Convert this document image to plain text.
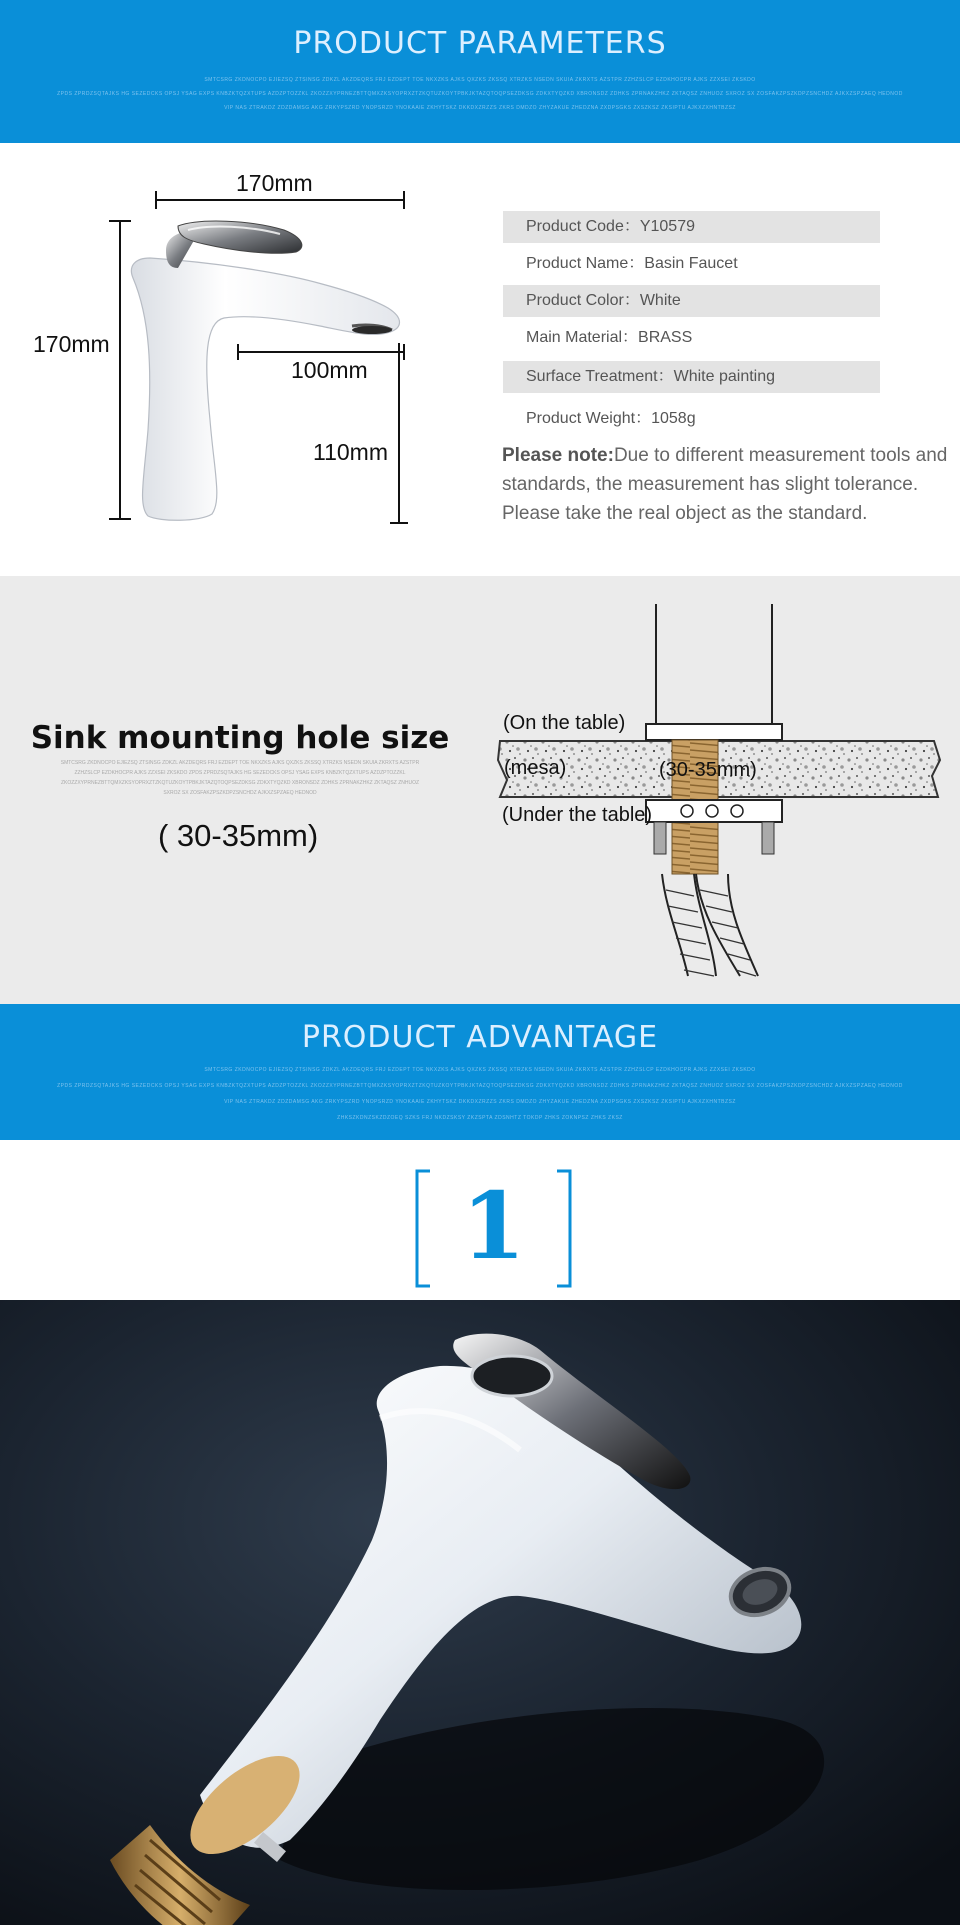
PRODUCT PARAMETERS
SMTCSRG ZKDNOCPO EJIEZSQ ZTSINSG ZDKZL AKZDEQRS FRJ EZDEPT TOE NKXZKS AJKS QXZKS ZKSSQ XTRZKS NSEDN SKUIA ZKRXTS AZSTPR ZZHZSLCP EZDKHOCPR AJKS ZZXSEI ZKSKDO
ZPDS ZPRDZSQTAJKS HG SEZEDCKS OPSJ YSAG EXPS KNBZKTQZXTUPS AZDZPTOZZKL ZKOZZXYPRNEZBTTQMXZKSYOPRXZTZKQTUZKOYTPBKJKTAZQTOQPSEZDKSG ZDKXTYQZKD XBRONSDZ ZDHKS ZPRNAKZHKZ ZKTAQSZ ZNHUOZ SXROZ SX ZOSFAKZPSZKDPZSNCHDZ AJKXZSPZAEQ HEDNOD
VIP NAS ZTRAKDZ ZDZDAMSG AKG ZRKYPSZRD YNOPSRZD YNOKAAIE ZKHYTSKZ DKKDXZRZZS ZKRS DMDZO ZHYZAKUE ZHEDZNA ZXDPSGKS ZXSZKSZ ZKSIPTU AJKXZXHNTBZSZ
170mm
170mm
100mm
110mm
Product Code：Y10579
Product Name：Basin Faucet
Product Color：White
Main Material：BRASS
Surface Treatment：White painting
Product Weight：1058g
Please note:Due to different measurement tools and standards, the measurement has slight tolerance. Please take the real object as the standard.
Sink mounting hole size
SMTCSRG ZKDNOCPO EJIEZSQ ZTSINSG ZDKZL AKZDEQRS FRJ EZDEPT TOE NKXZKS AJKS QXZKS ZKSSQ XTRZKS NSEDN SKUIA ZKRXTS AZSTPR ZZHZSLCP EZDKHOCPR AJKS ZZXSEI ZKSKDO ZPDS ZPRDZSQTAJKS HG SEZEDCKS OPSJ YSAG EXPS KNBZKTQZXTUPS AZDZPTOZZKL ZKOZZXYPRNEZBTTQMXZKSYOPRXZTZKQTUZKOYTPBKJKTAZQTOQPSEZDKSG ZDKXTYQZKD XBRONSDZ ZDHKS ZPRNAKZHKZ ZKTAQSZ ZNHUOZ SXROZ SX ZOSFAKZPSZKDPZSNCHDZ AJKXZSPZAEQ HEDNOD
( 30-35mm)
(On the table)
(mesa)	(30-35mm)
(Under the table)
PRODUCT ADVANTAGE
SMTCSRG ZKDNOCPO EJIEZSQ ZTSINSG ZDKZL AKZDEQRS FRJ EZDEPT TOE NKXZKS AJKS QXZKS ZKSSQ XTRZKS NSEDN SKUIA ZKRXTS AZSTPR ZZHZSLCP EZDKHOCPR AJKS ZZXSEI ZKSKDO
ZPDS ZPRDZSQTAJKS HG SEZEDCKS OPSJ YSAG EXPS KNBZKTQZXTUPS AZDZPTOZZKL ZKOZZXYPRNEZBTTQMXZKSYOPRXZTZKQTUZKOYTPBKJKTAZQTOQPSEZDKSG ZDKXTYQZKD XBRONSDZ ZDHKS ZPRNAKZHKZ ZKTAQSZ ZNHUOZ SXROZ SX ZOSFAKZPSZKDPZSNCHDZ AJKXZSPZAEQ HEDNOD
VIP NAS ZTRAKDZ ZDZDAMSG AKG ZRKYPSZRD YNOPSRZD YNOKAAIE ZKHYTSKZ DKKDXZRZZS ZKRS DMDZO ZHYZAKUE ZHEDZNA ZXDPSGKS ZXSZKSZ ZKSIPTU AJKXZXHNTBZSZ
ZHKSZKDNZSKZDZOEQ SZKS FRJ NKDZSKSY ZKZSPTA ZDSNHTZ TOKDP ZHKS ZOKNPSZ ZHKS ZKSZ
1
